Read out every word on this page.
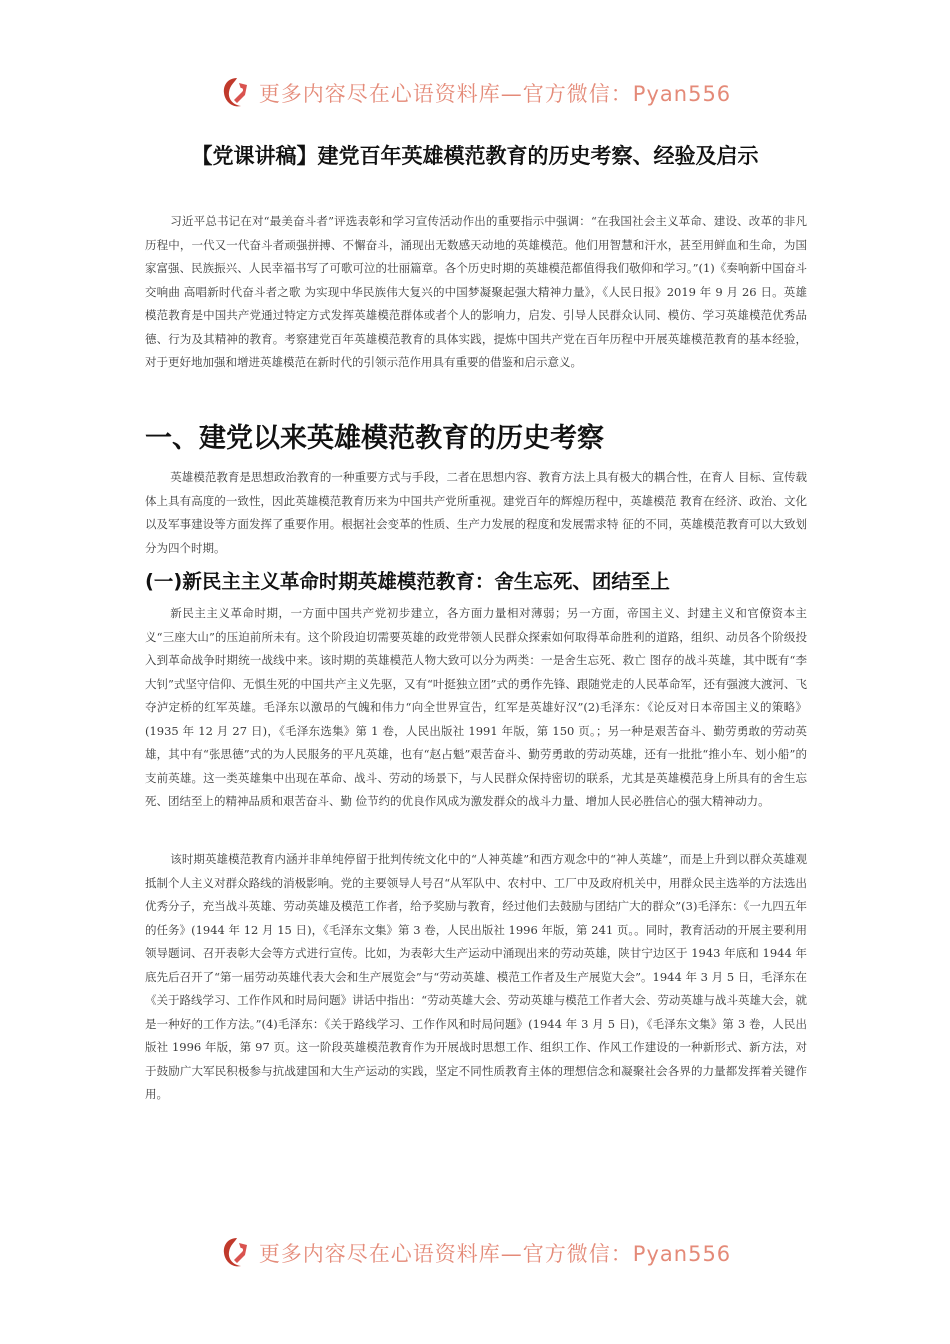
更多内容尽在心语资料库—官方微信：Pyan556
【党课讲稿】建党百年英雄模范教育的历史考察、经验及启示

习近平总书记在对“最美奋斗者”评选表彰和学习宣传活动作出的重要指示中强调：“在我国社会主义革命、建设、改革的非凡历程中，一代又一代奋斗者顽强拼搏、不懈奋斗，涌现出无数感天动地的英雄模范。他们用智慧和汗水，甚至用鲜血和生命，为国家富强、民族振兴、人民幸福书写了可歌可泣的壮丽篇章。各个历史时期的英雄模范都值得我们敬仰和学习。”(1)《奏响新中国奋斗交响曲 高唱新时代奋斗者之歌 为实现中华民族伟大复兴的中国梦凝聚起强大精神力量》，《人民日报》2019 年 9 月 26 日。英雄模范教育是中国共产党通过特定方式发挥英雄模范群体或者个人的影响力，启发、引导人民群众认同、模仿、学习英雄模范优秀品德、行为及其精神的教育。考察建党百年英雄模范教育的具体实践，提炼中国共产党在百年历程中开展英雄模范教育的基本经验，对于更好地加强和增进英雄模范在新时代的引领示范作用具有重要的借鉴和启示意义。

一、建党以来英雄模范教育的历史考察

英雄模范教育是思想政治教育的一种重要方式与手段，二者在思想内容、教育方法上具有极大的耦合性，在育人 目标、宣传载体上具有高度的一致性，因此英雄模范教育历来为中国共产党所重视。建党百年的辉煌历程中，英雄模范 教育在经济、政治、文化以及军事建设等方面发挥了重要作用。根据社会变革的性质、生产力发展的程度和发展需求特 征的不同，英雄模范教育可以大致划分为四个时期。

(一)新民主主义革命时期英雄模范教育：舍生忘死、团结至上

新民主主义革命时期，一方面中国共产党初步建立，各方面力量相对薄弱；另一方面，帝国主义、封建主义和官僚资本主义“三座大山”的压迫前所未有。这个阶段迫切需要英雄的政党带领人民群众探索如何取得革命胜利的道路，组织、动员各个阶级投入到革命战争时期统一战线中来。该时期的英雄模范人物大致可以分为两类：一是舍生忘死、救亡 图存的战斗英雄，其中既有“李大钊”式坚守信仰、无惧生死的中国共产主义先驱，又有“叶挺独立团”式的勇作先锋、跟随党走的人民革命军，还有强渡大渡河、飞夺泸定桥的红军英雄。毛泽东以激昂的气魄和伟力“向全世界宣告，红军是英雄好汉”(2)毛泽东：《论反对日本帝国主义的策略》(1935 年 12 月 27 日)，《毛泽东选集》第 1 卷，人民出版社 1991 年版，第 150 页。；另一种是艰苦奋斗、勤劳勇敢的劳动英雄，其中有“张思德”式的为人民服务的平凡英雄，也有“赵占魁”艰苦奋斗、勤劳勇敢的劳动英雄，还有一批批“推小车、划小船”的支前英雄。这一类英雄集中出现在革命、战斗、劳动的场景下，与人民群众保持密切的联系，尤其是英雄模范身上所具有的舍生忘死、团结至上的精神品质和艰苦奋斗、勤 俭节约的优良作风成为激发群众的战斗力量、增加人民必胜信心的强大精神动力。

该时期英雄模范教育内涵并非单纯停留于批判传统文化中的“人神英雄”和西方观念中的“神人英雄”，而是上升到以群众英雄观抵制个人主义对群众路线的消极影响。党的主要领导人号召“从军队中、农村中、工厂中及政府机关中，用群众民主选举的方法选出优秀分子，充当战斗英雄、劳动英雄及模范工作者，给予奖励与教育，经过他们去鼓励与团结广大的群众”(3)毛泽东：《一九四五年的任务》(1944 年 12 月 15 日)，《毛泽东文集》第 3 卷，人民出版社 1996 年版，第 241 页。。同时，教育活动的开展主要利用领导题词、召开表彰大会等方式进行宣传。比如，为表彰大生产运动中涌现出来的劳动英雄，陕甘宁边区于 1943 年底和 1944 年底先后召开了“第一届劳动英雄代表大会和生产展览会”与“劳动英雄、模范工作者及生产展览大会”。1944 年 3 月 5 日，毛泽东在《关于路线学习、工作作风和时局问题》讲话中指出：“劳动英雄大会、劳动英雄与模范工作者大会、劳动英雄与战斗英雄大会，就是一种好的工作方法。”(4)毛泽东：《关于路线学习、工作作风和时局问题》(1944 年 3 月 5 日)，《毛泽东文集》第 3 卷，人民出版社 1996 年版，第 97 页。这一阶段英雄模范教育作为开展战时思想工作、组织工作、作风工作建设的一种新形式、新方法，对于鼓励广大军民积极参与抗战建国和大生产运动的实践，坚定不同性质教育主体的理想信念和凝聚社会各界的力量都发挥着关键作用。

更多内容尽在心语资料库—官方微信：Pyan556
